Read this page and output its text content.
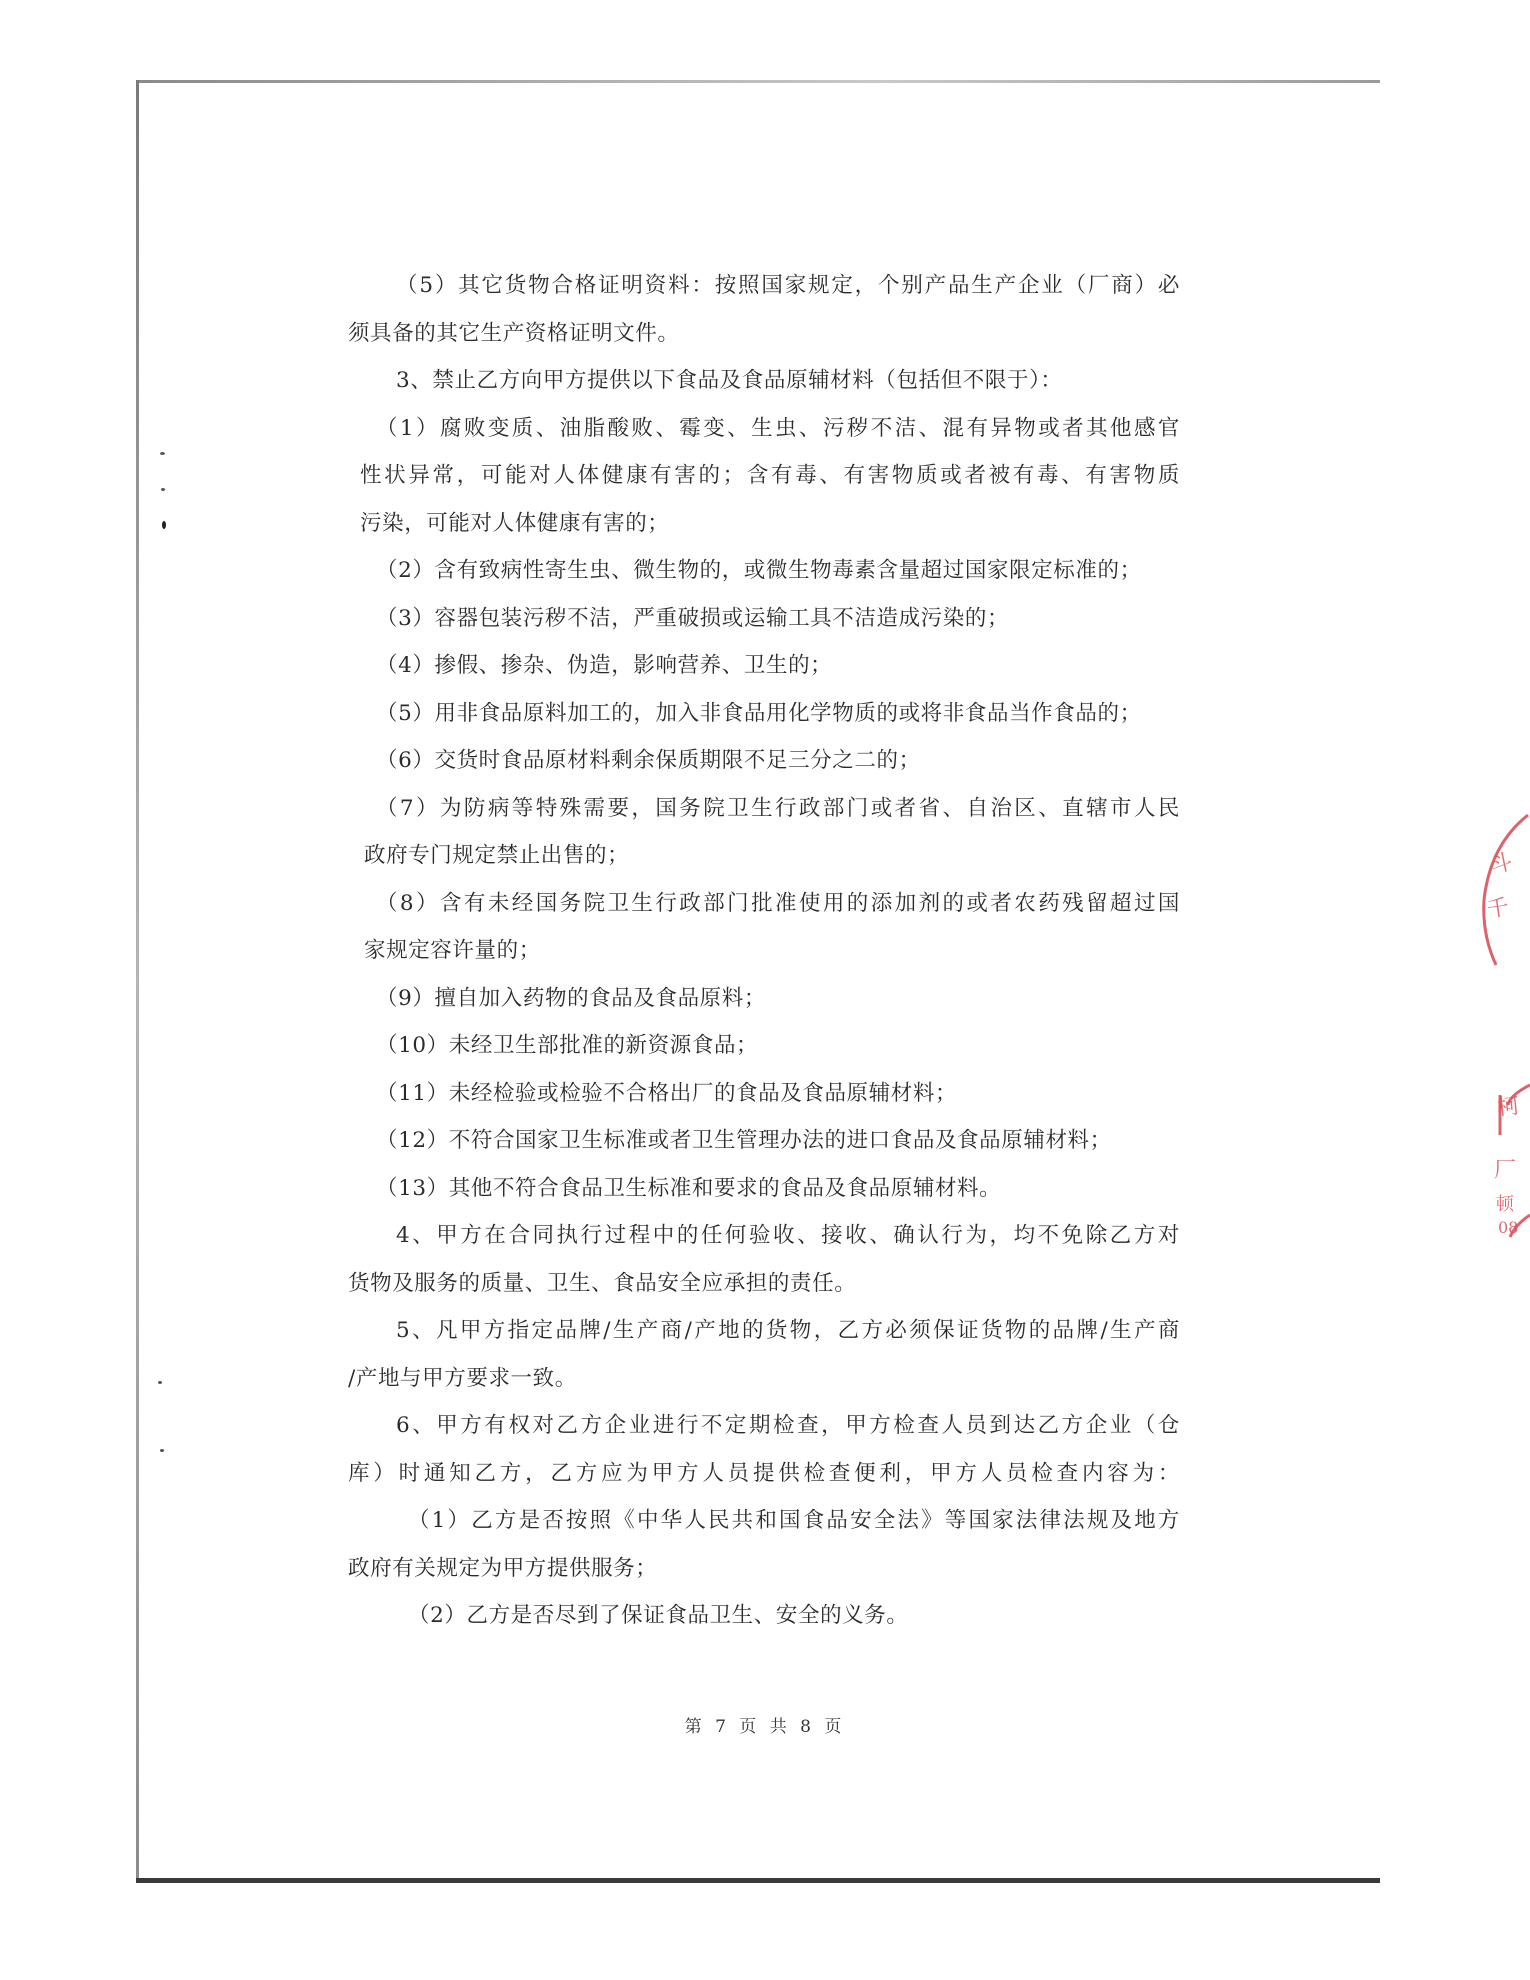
（5）其它货物合格证明资料：按照国家规定，个别产品生产企业（厂商）必
须具备的其它生产资格证明文件。
3、禁止乙方向甲方提供以下食品及食品原辅材料（包括但不限于）：
（1）腐败变质、油脂酸败、霉变、生虫、污秽不洁、混有异物或者其他感官
性状异常，可能对人体健康有害的；含有毒、有害物质或者被有毒、有害物质
污染，可能对人体健康有害的；
（2）含有致病性寄生虫、微生物的，或微生物毒素含量超过国家限定标准的；
（3）容器包装污秽不洁，严重破损或运输工具不洁造成污染的；
（4）掺假、掺杂、伪造，影响营养、卫生的；
（5）用非食品原料加工的，加入非食品用化学物质的或将非食品当作食品的；
（6）交货时食品原材料剩余保质期限不足三分之二的；
（7）为防病等特殊需要，国务院卫生行政部门或者省、自治区、直辖市人民
政府专门规定禁止出售的；
（8）含有未经国务院卫生行政部门批准使用的添加剂的或者农药残留超过国
家规定容许量的；
（9）擅自加入药物的食品及食品原料；
（10）未经卫生部批准的新资源食品；
（11）未经检验或检验不合格出厂的食品及食品原辅材料；
（12）不符合国家卫生标准或者卫生管理办法的进口食品及食品原辅材料；
（13）其他不符合食品卫生标准和要求的食品及食品原辅材料。
4、甲方在合同执行过程中的任何验收、接收、确认行为，均不免除乙方对
货物及服务的质量、卫生、食品安全应承担的责任。
5、凡甲方指定品牌/生产商/产地的货物，乙方必须保证货物的品牌/生产商
/产地与甲方要求一致。
6、甲方有权对乙方企业进行不定期检查，甲方检查人员到达乙方企业（仓
库）时通知乙方，乙方应为甲方人员提供检查便利，甲方人员检查内容为：
（1）乙方是否按照《中华人民共和国食品安全法》等国家法律法规及地方
政府有关规定为甲方提供服务；
（2）乙方是否尽到了保证食品卫生、安全的义务。
第 7 页 共 8 页
斗
千
柯
厂
顿
08
